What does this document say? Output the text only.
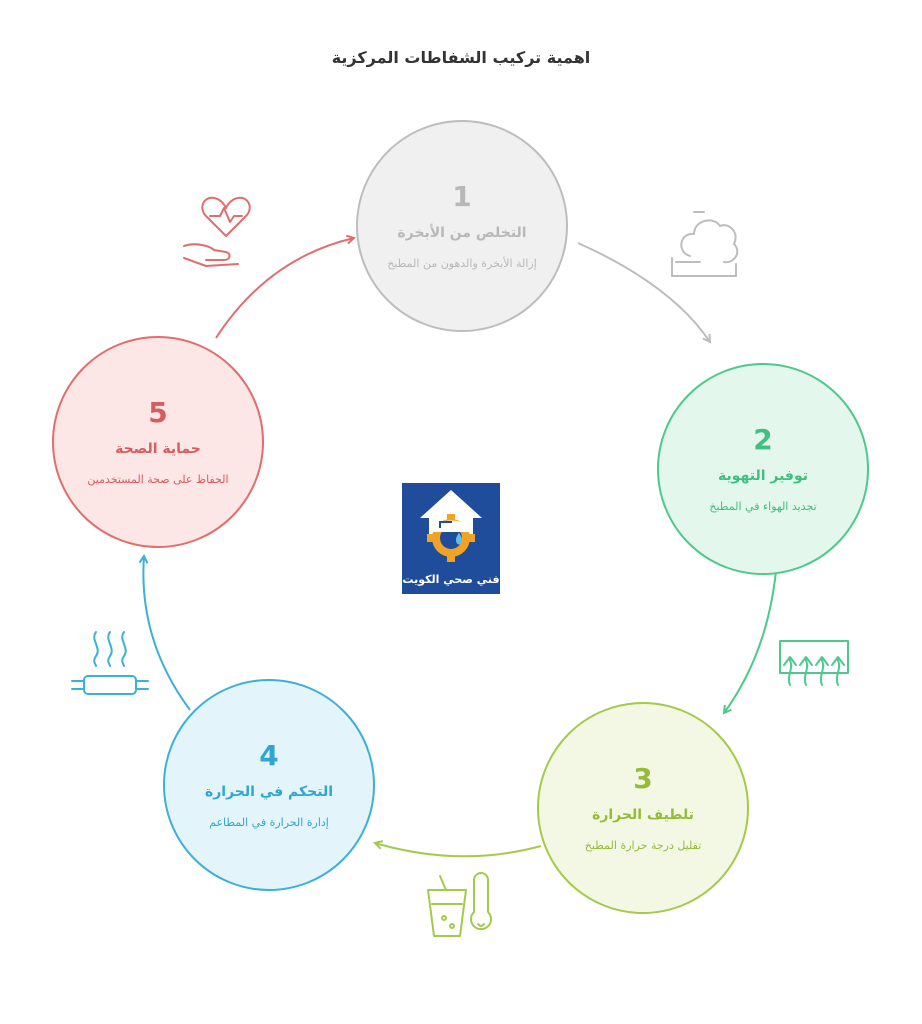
اهمية تركيب الشفاطات المركزية
1
التخلص من الأبخرة
إزالة الأبخرة والدهون من المطبخ
2
توفير التهوية
تجديد الهواء في المطبخ
3
تلطيف الحرارة
تقليل درجة حرارة المطبخ
4
التحكم في الحرارة
إدارة الحرارة في المطاعم
5
حماية الصحة
الحفاظ على صحة المستخدمين
فني صحي الكويت
